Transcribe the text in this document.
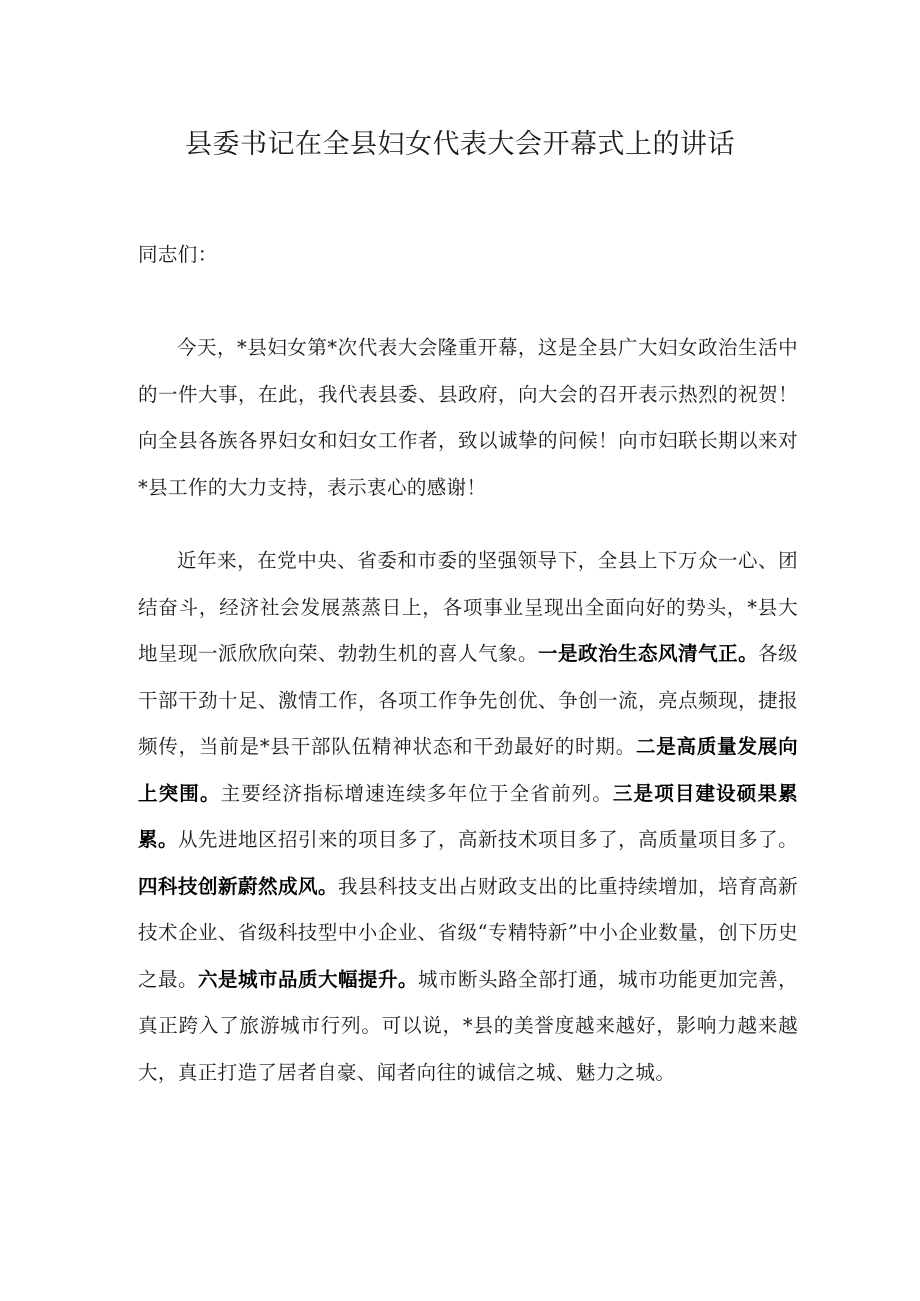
县委书记在全县妇女代表大会开幕式上的讲话

同志们：

今天，*县妇女第*次代表大会隆重开幕，这是全县广大妇女政治生活中的一件大事，在此，我代表县委、县政府，向大会的召开表示热烈的祝贺！向全县各族各界妇女和妇女工作者，致以诚挚的问候！向市妇联长期以来对*县工作的大力支持，表示衷心的感谢！

近年来，在党中央、省委和市委的坚强领导下，全县上下万众一心、团结奋斗，经济社会发展蒸蒸日上，各项事业呈现出全面向好的势头，*县大地呈现一派欣欣向荣、勃勃生机的喜人气象。一是政治生态风清气正。各级干部干劲十足、激情工作，各项工作争先创优、争创一流，亮点频现，捷报频传，当前是*县干部队伍精神状态和干劲最好的时期。二是高质量发展向上突围。主要经济指标增速连续多年位于全省前列。三是项目建设硕果累累。从先进地区招引来的项目多了，高新技术项目多了，高质量项目多了。四科技创新蔚然成风。我县科技支出占财政支出的比重持续增加，培育高新技术企业、省级科技型中小企业、省级“专精特新”中小企业数量，创下历史之最。六是城市品质大幅提升。城市断头路全部打通，城市功能更加完善，真正跨入了旅游城市行列。可以说，*县的美誉度越来越好，影响力越来越大，真正打造了居者自豪、闻者向往的诚信之城、魅力之城。
